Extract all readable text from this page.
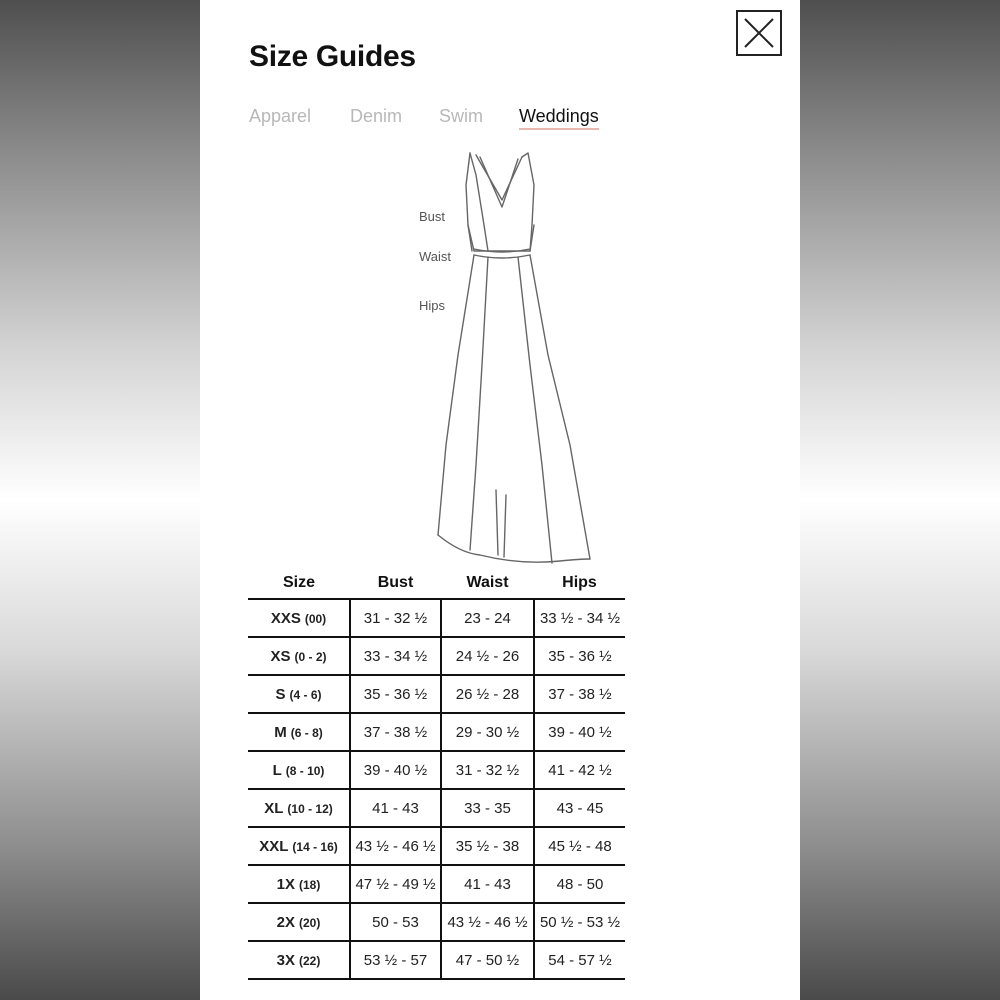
Size Guides
Apparel Denim Swim Weddings
Bust
Waist
Hips
Size	Bust	Waist	Hips
XXS (00)	31 - 32 ½	23 - 24	33 ½ - 34 ½
XS (0 - 2)	33 - 34 ½	24 ½ - 26	35 - 36 ½
S (4 - 6)	35 - 36 ½	26 ½ - 28	37 - 38 ½
M (6 - 8)	37 - 38 ½	29 - 30 ½	39 - 40 ½
L (8 - 10)	39 - 40 ½	31 - 32 ½	41 - 42 ½
XL (10 - 12)	41 - 43	33 - 35	43 - 45
XXL (14 - 16)	43 ½ - 46 ½	35 ½ - 38	45 ½ - 48
1X (18)	47 ½ - 49 ½	41 - 43	48 - 50
2X (20)	50 - 53	43 ½ - 46 ½	50 ½ - 53 ½
3X (22)	53 ½ - 57	47 - 50 ½	54 - 57 ½
